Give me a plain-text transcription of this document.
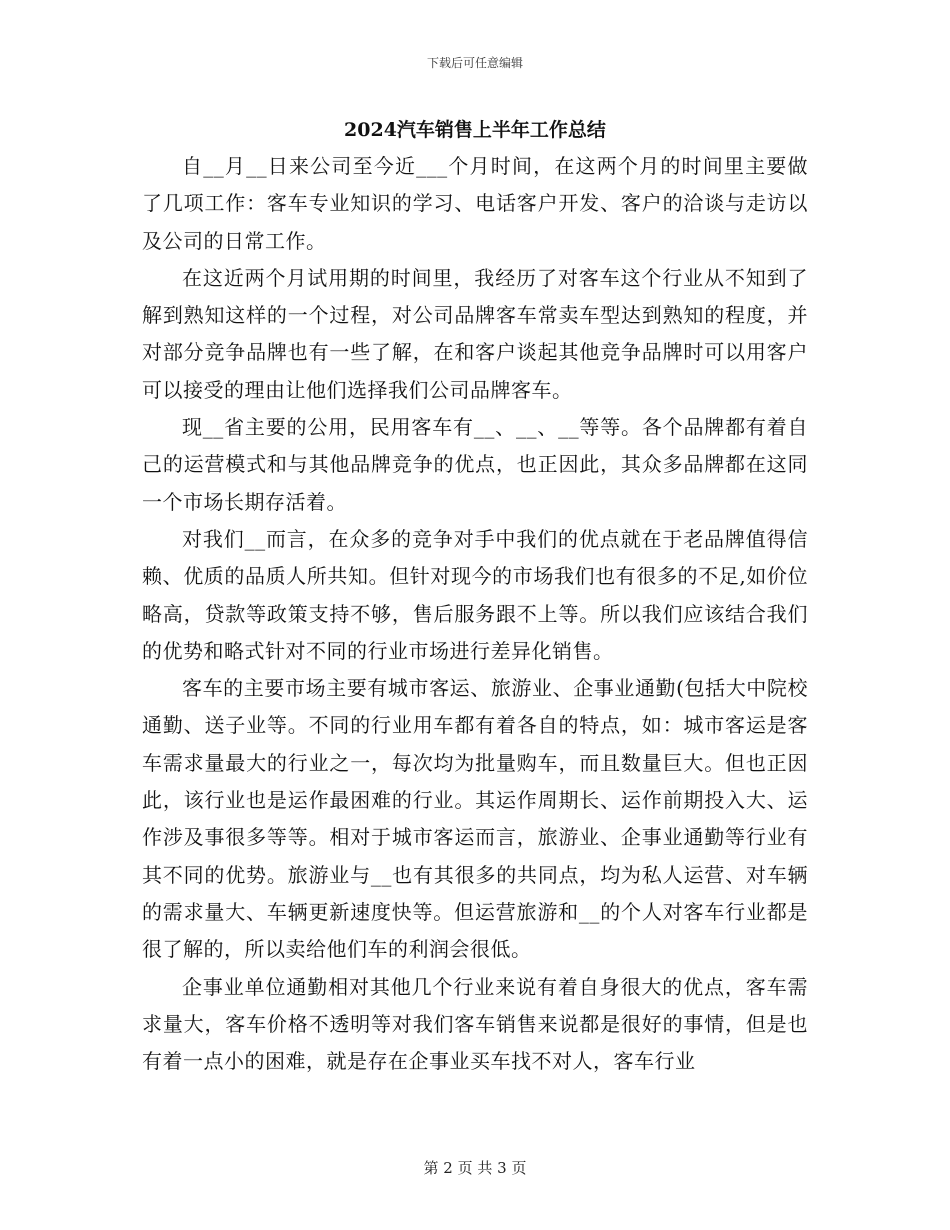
下载后可任意编辑
2024汽车销售上半年工作总结

自__月__日来公司至今近___个月时间，在这两个月的时间里主要做了几项工作：客车专业知识的学习、电话客户开发、客户的洽谈与走访以及公司的日常工作。

在这近两个月试用期的时间里，我经历了对客车这个行业从不知到了解到熟知这样的一个过程，对公司品牌客车常卖车型达到熟知的程度，并对部分竞争品牌也有一些了解，在和客户谈起其他竞争品牌时可以用客户可以接受的理由让他们选择我们公司品牌客车。

现__省主要的公用，民用客车有__、__、__等等。各个品牌都有着自己的运营模式和与其他品牌竞争的优点，也正因此，其众多品牌都在这同一个市场长期存活着。

对我们__而言，在众多的竞争对手中我们的优点就在于老品牌值得信赖、优质的品质人所共知。但针对现今的市场我们也有很多的不足,如价位略高，贷款等政策支持不够，售后服务跟不上等。所以我们应该结合我们的优势和略式针对不同的行业市场进行差异化销售。

客车的主要市场主要有城市客运、旅游业、企事业通勤(包括大中院校通勤、送子业等。不同的行业用车都有着各自的特点，如：城市客运是客车需求量最大的行业之一，每次均为批量购车，而且数量巨大。但也正因此，该行业也是运作最困难的行业。其运作周期长、运作前期投入大、运作涉及事很多等等。相对于城市客运而言，旅游业、企事业通勤等行业有其不同的优势。旅游业与__也有其很多的共同点，均为私人运营、对车辆的需求量大、车辆更新速度快等。但运营旅游和__的个人对客车行业都是很了解的，所以卖给他们车的利润会很低。

企事业单位通勤相对其他几个行业来说有着自身很大的优点，客车需求量大，客车价格不透明等对我们客车销售来说都是很好的事情，但是也有着一点小的困难，就是存在企事业买车找不对人，客车行业

第 2 页 共 3 页
